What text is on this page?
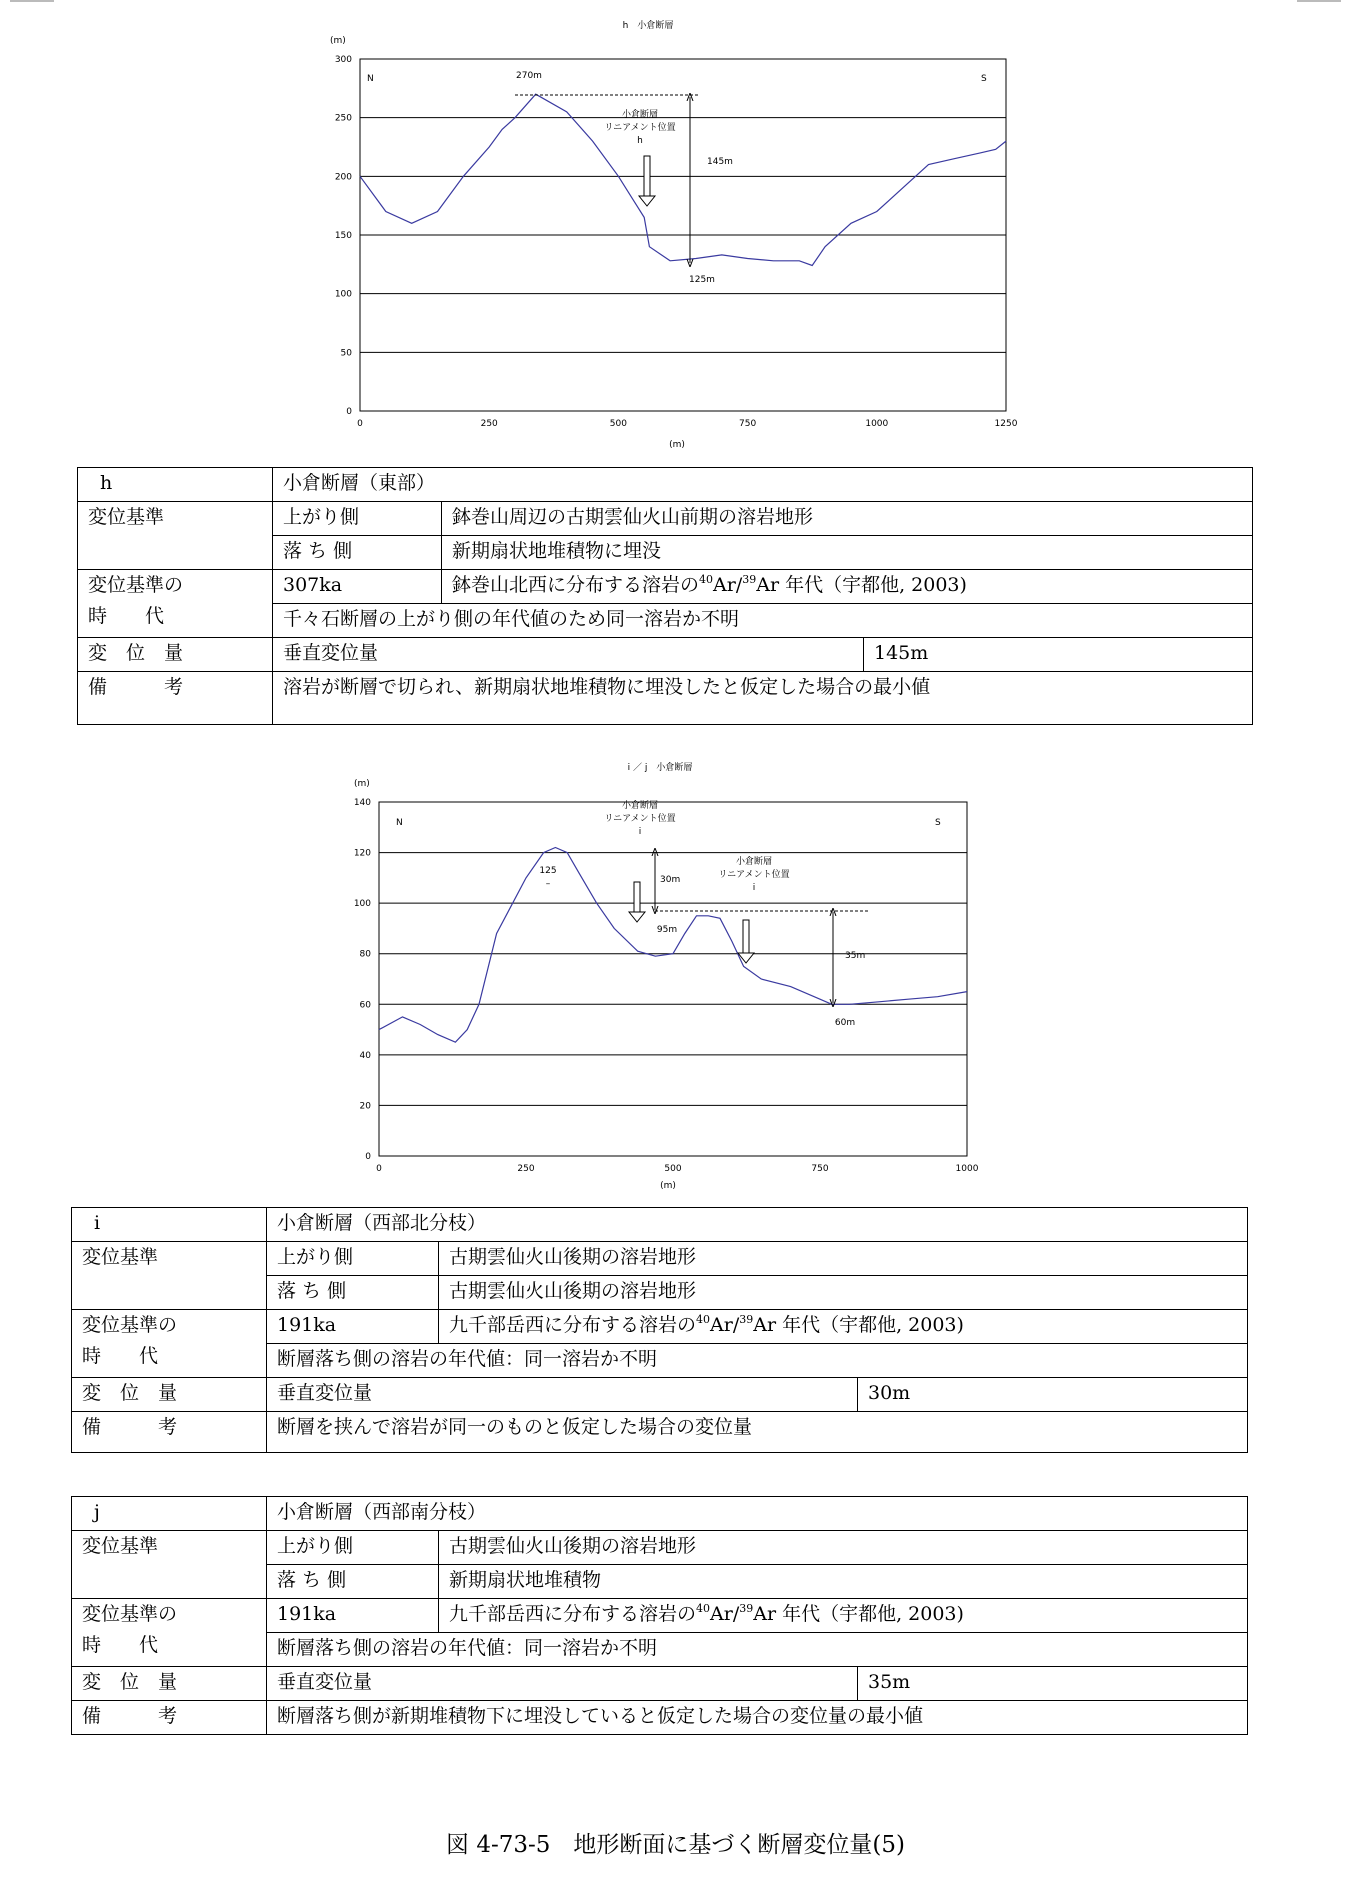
0
50
100
150
200
250
300
0	250	500	750	1000	1250
h　小倉断層
(m)
(m)
N	S
270m
125m
145m
小倉断層
リニアメント位置
h
h	小倉断層（東部）		
変位基準	上がり側	鉢巻山周辺の古期雲仙火山前期の溶岩地形	
	落 ち 側	新期扇状地堆積物に埋没	
変位基準の
時　　代	307ka	鉢巻山北西に分布する溶岩の$^{40}$Ar/$^{39}$Ar 年代（宇都他, 2003)	
	千々石断層の上がり側の年代値のため同一溶岩か不明		
変　位　量	垂直変位量		145m
備　　　考	溶岩が断層で切られ、新期扇状地堆積物に埋没したと仮定した場合の最小値		
0
20
40
60
80
100
120
140
0	250	500	750	1000
i ／ j　小倉断層
(m)
(m)
N	S
125
–
95m
60m
30m
35m
小倉断層
リニアメント位置
i
小倉断層
リニアメント位置
i
i	小倉断層（西部北分枝）		
変位基準	上がり側	古期雲仙火山後期の溶岩地形	
	落 ち 側	古期雲仙火山後期の溶岩地形	
変位基準の
時　　代	191ka	九千部岳西に分布する溶岩の$^{40}$Ar/$^{39}$Ar 年代（宇都他, 2003)	
	断層落ち側の溶岩の年代値：同一溶岩か不明		
変　位　量	垂直変位量		30m
備　　　考	断層を挟んで溶岩が同一のものと仮定した場合の変位量		
j	小倉断層（西部南分枝）		
変位基準	上がり側	古期雲仙火山後期の溶岩地形	
	落 ち 側	新期扇状地堆積物	
変位基準の
時　　代	191ka	九千部岳西に分布する溶岩の$^{40}$Ar/$^{39}$Ar 年代（宇都他, 2003)	
	断層落ち側の溶岩の年代値：同一溶岩か不明		
変　位　量	垂直変位量		35m
備　　　考	断層落ち側が新期堆積物下に埋没していると仮定した場合の変位量の最小値		
図 4-73-5　地形断面に基づく断層変位量(5)
